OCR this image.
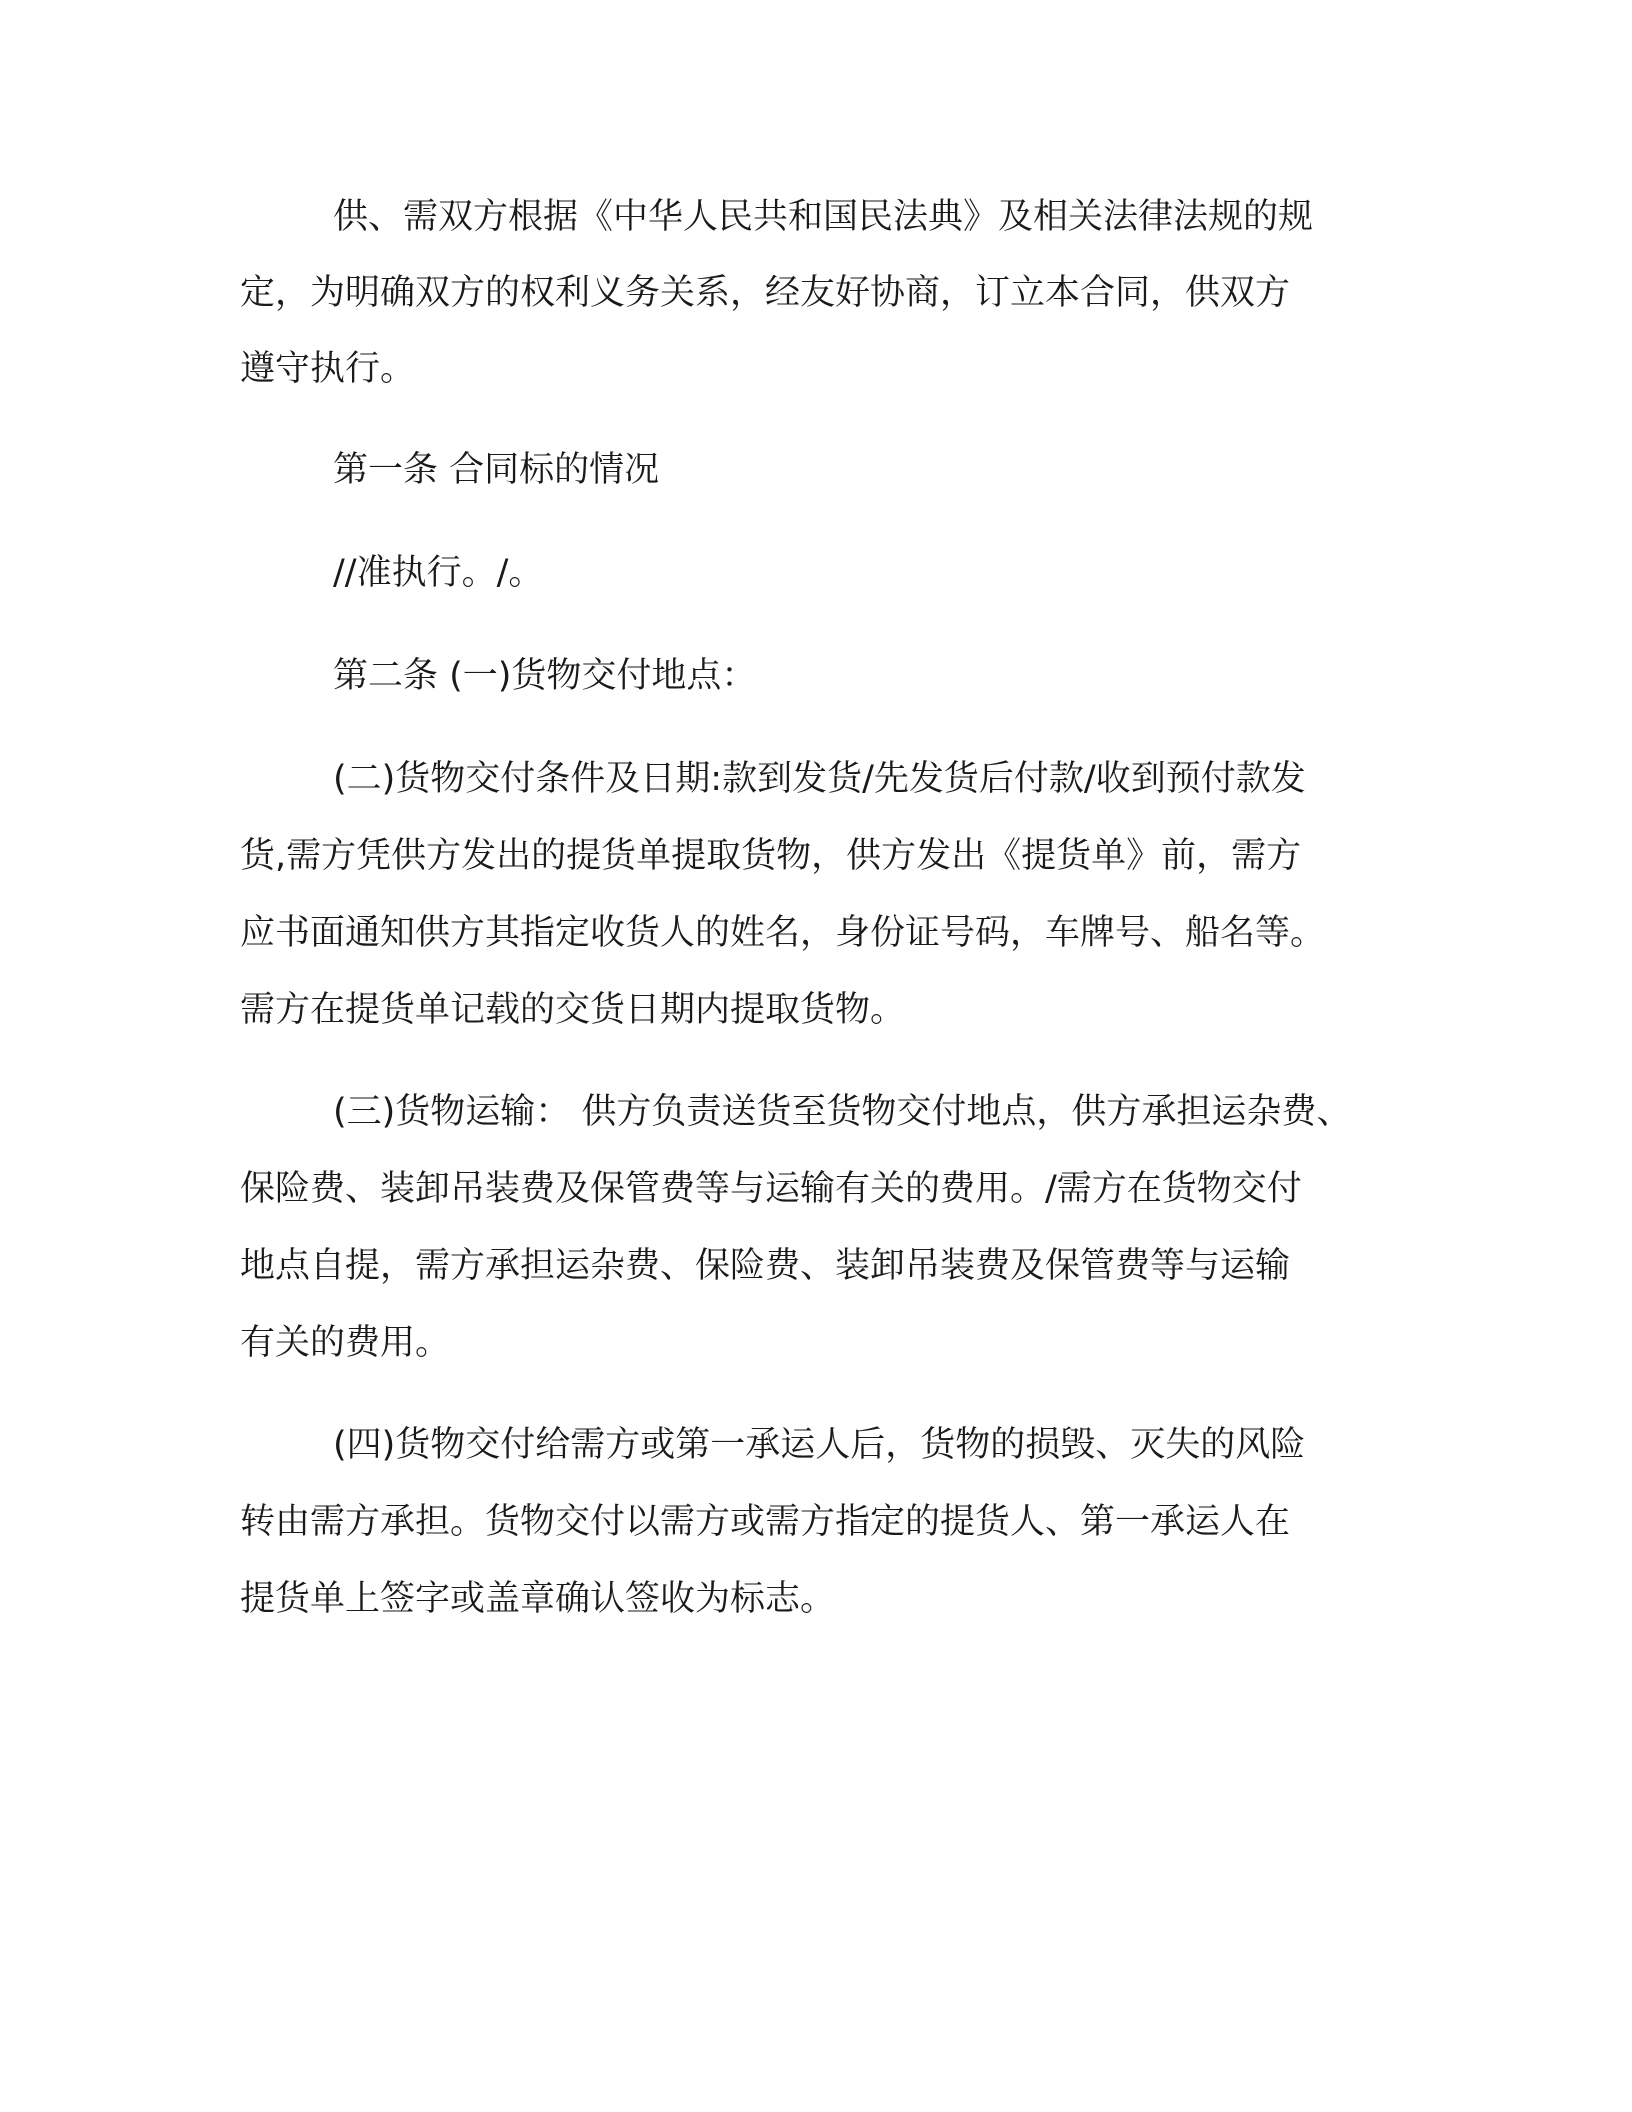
供、需双方根据《中华人民共和国民法典》及相关法律法规的规
定，为明确双方的权利义务关系，经友好协商，订立本合同，供双方
遵守执行。
第一条 合同标的情况
//准执行。/。
第二条 (一)货物交付地点：
(二)货物交付条件及日期:款到发货/先发货后付款/收到预付款发
货,需方凭供方发出的提货单提取货物，供方发出《提货单》前，需方
应书面通知供方其指定收货人的姓名，身份证号码，车牌号、船名等。
需方在提货单记载的交货日期内提取货物。
(三)货物运输： 供方负责送货至货物交付地点，供方承担运杂费、
保险费、装卸吊装费及保管费等与运输有关的费用。/需方在货物交付
地点自提，需方承担运杂费、保险费、装卸吊装费及保管费等与运输
有关的费用。
(四)货物交付给需方或第一承运人后，货物的损毁、灭失的风险
转由需方承担。货物交付以需方或需方指定的提货人、第一承运人在
提货单上签字或盖章确认签收为标志。
